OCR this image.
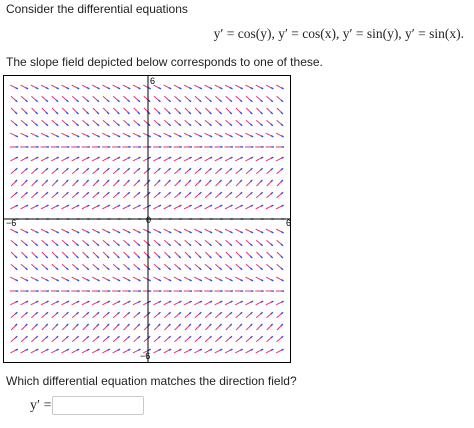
Consider the differential equations
y′ = cos(y), y′ = cos(x), y′ = sin(y), y′ = sin(x).
The slope field depicted below corresponds to one of these.
−6	6
6
−6
0
Which differential equation matches the direction field?
y′ =
